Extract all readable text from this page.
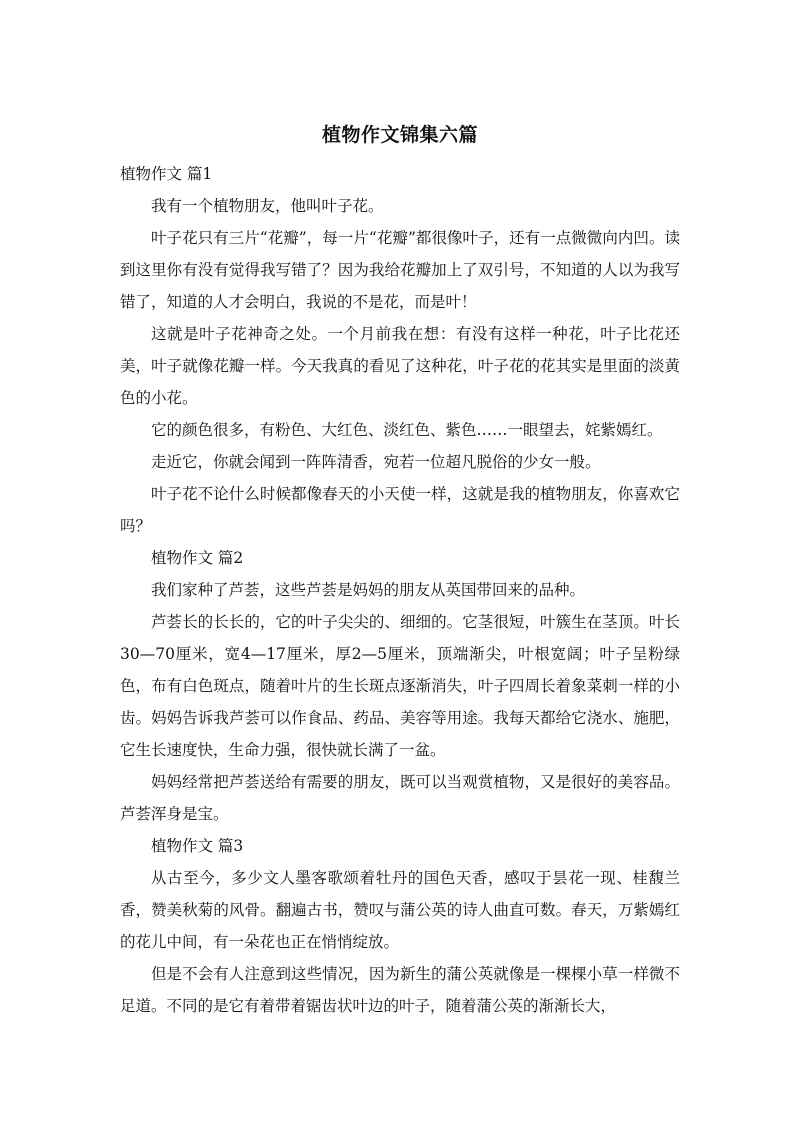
植物作文锦集六篇

植物作文 篇1

我有一个植物朋友，他叫叶子花。

叶子花只有三片“花瓣”，每一片“花瓣”都很像叶子，还有一点微微向内凹。读到这里你有没有觉得我写错了？因为我给花瓣加上了双引号，不知道的人以为我写错了，知道的人才会明白，我说的不是花，而是叶！

这就是叶子花神奇之处。一个月前我在想：有没有这样一种花，叶子比花还美，叶子就像花瓣一样。今天我真的看见了这种花，叶子花的花其实是里面的淡黄色的小花。

它的颜色很多，有粉色、大红色、淡红色、紫色……一眼望去，姹紫嫣红。

走近它，你就会闻到一阵阵清香，宛若一位超凡脱俗的少女一般。

叶子花不论什么时候都像春天的小天使一样，这就是我的植物朋友，你喜欢它吗？

植物作文 篇2

我们家种了芦荟，这些芦荟是妈妈的朋友从英国带回来的品种。

芦荟长的长长的，它的叶子尖尖的、细细的。它茎很短，叶簇生在茎顶。叶长30—70厘米，宽4—17厘米，厚2—5厘米，顶端渐尖，叶根宽阔；叶子呈粉绿色，布有白色斑点，随着叶片的生长斑点逐渐消失，叶子四周长着象菜刺一样的小齿。妈妈告诉我芦荟可以作食品、药品、美容等用途。我每天都给它浇水、施肥，它生长速度快，生命力强，很快就长满了一盆。

妈妈经常把芦荟送给有需要的朋友，既可以当观赏植物，又是很好的美容品。芦荟浑身是宝。

植物作文 篇3

从古至今，多少文人墨客歌颂着牡丹的国色天香，感叹于昙花一现、桂馥兰香，赞美秋菊的风骨。翻遍古书，赞叹与蒲公英的诗人曲直可数。春天，万紫嫣红的花儿中间，有一朵花也正在悄悄绽放。

但是不会有人注意到这些情况，因为新生的蒲公英就像是一棵棵小草一样微不足道。不同的是它有着带着锯齿状叶边的叶子，随着蒲公英的渐渐长大，
